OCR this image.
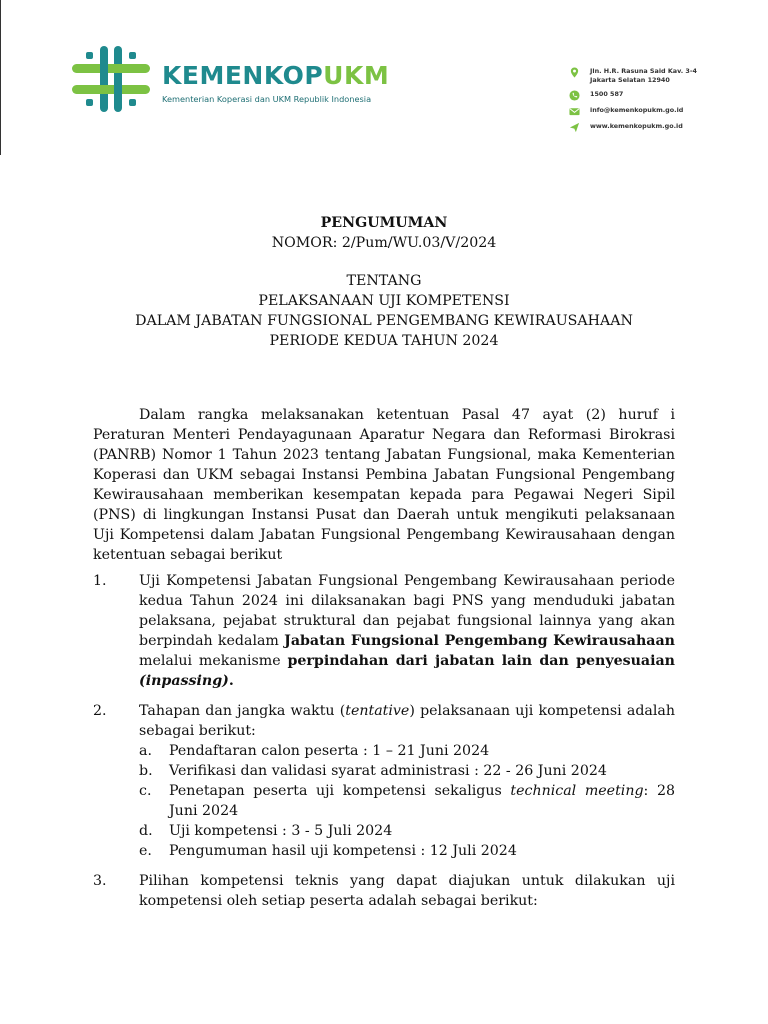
KEMENKOPUKM
Kementerian Koperasi dan UKM Republik Indonesia
Jln. H.R. Rasuna Said Kav. 3-4
Jakarta Selatan 12940
1500 587
info@kemenkopukm.go.id
www.kemenkopukm.go.id
PENGUMUMAN
NOMOR: 2/Pum/WU.03/V/2024
TENTANG
PELAKSANAAN UJI KOMPETENSI
DALAM JABATAN FUNGSIONAL PENGEMBANG KEWIRAUSAHAAN
PERIODE KEDUA TAHUN 2024
Dalam rangka melaksanakan ketentuan Pasal 47 ayat (2) huruf i Peraturan Menteri Pendayagunaan Aparatur Negara dan Reformasi Birokrasi (PANRB) Nomor 1 Tahun 2023 tentang Jabatan Fungsional, maka Kementerian Koperasi dan UKM sebagai Instansi Pembina Jabatan Fungsional Pengembang Kewirausahaan memberikan kesempatan kepada para Pegawai Negeri Sipil (PNS) di lingkungan Instansi Pusat dan Daerah untuk mengikuti pelaksanaan Uji Kompetensi dalam Jabatan Fungsional Pengembang Kewirausahaan dengan ketentuan sebagai berikut
1. Uji Kompetensi Jabatan Fungsional Pengembang Kewirausahaan periode kedua Tahun 2024 ini dilaksanakan bagi PNS yang menduduki jabatan pelaksana, pejabat struktural dan pejabat fungsional lainnya yang akan berpindah kedalam Jabatan Fungsional Pengembang Kewirausahaan melalui mekanisme perpindahan dari jabatan lain dan penyesuaian (inpassing).
2. Tahapan dan jangka waktu (tentative) pelaksanaan uji kompetensi adalah sebagai berikut:
a. Pendaftaran calon peserta : 1 – 21 Juni 2024
b. Verifikasi dan validasi syarat administrasi : 22 - 26 Juni 2024
c. Penetapan peserta uji kompetensi sekaligus technical meeting: 28 Juni 2024
d. Uji kompetensi : 3 - 5 Juli 2024
e. Pengumuman hasil uji kompetensi : 12 Juli 2024
3. Pilihan kompetensi teknis yang dapat diajukan untuk dilakukan uji kompetensi oleh setiap peserta adalah sebagai berikut:
